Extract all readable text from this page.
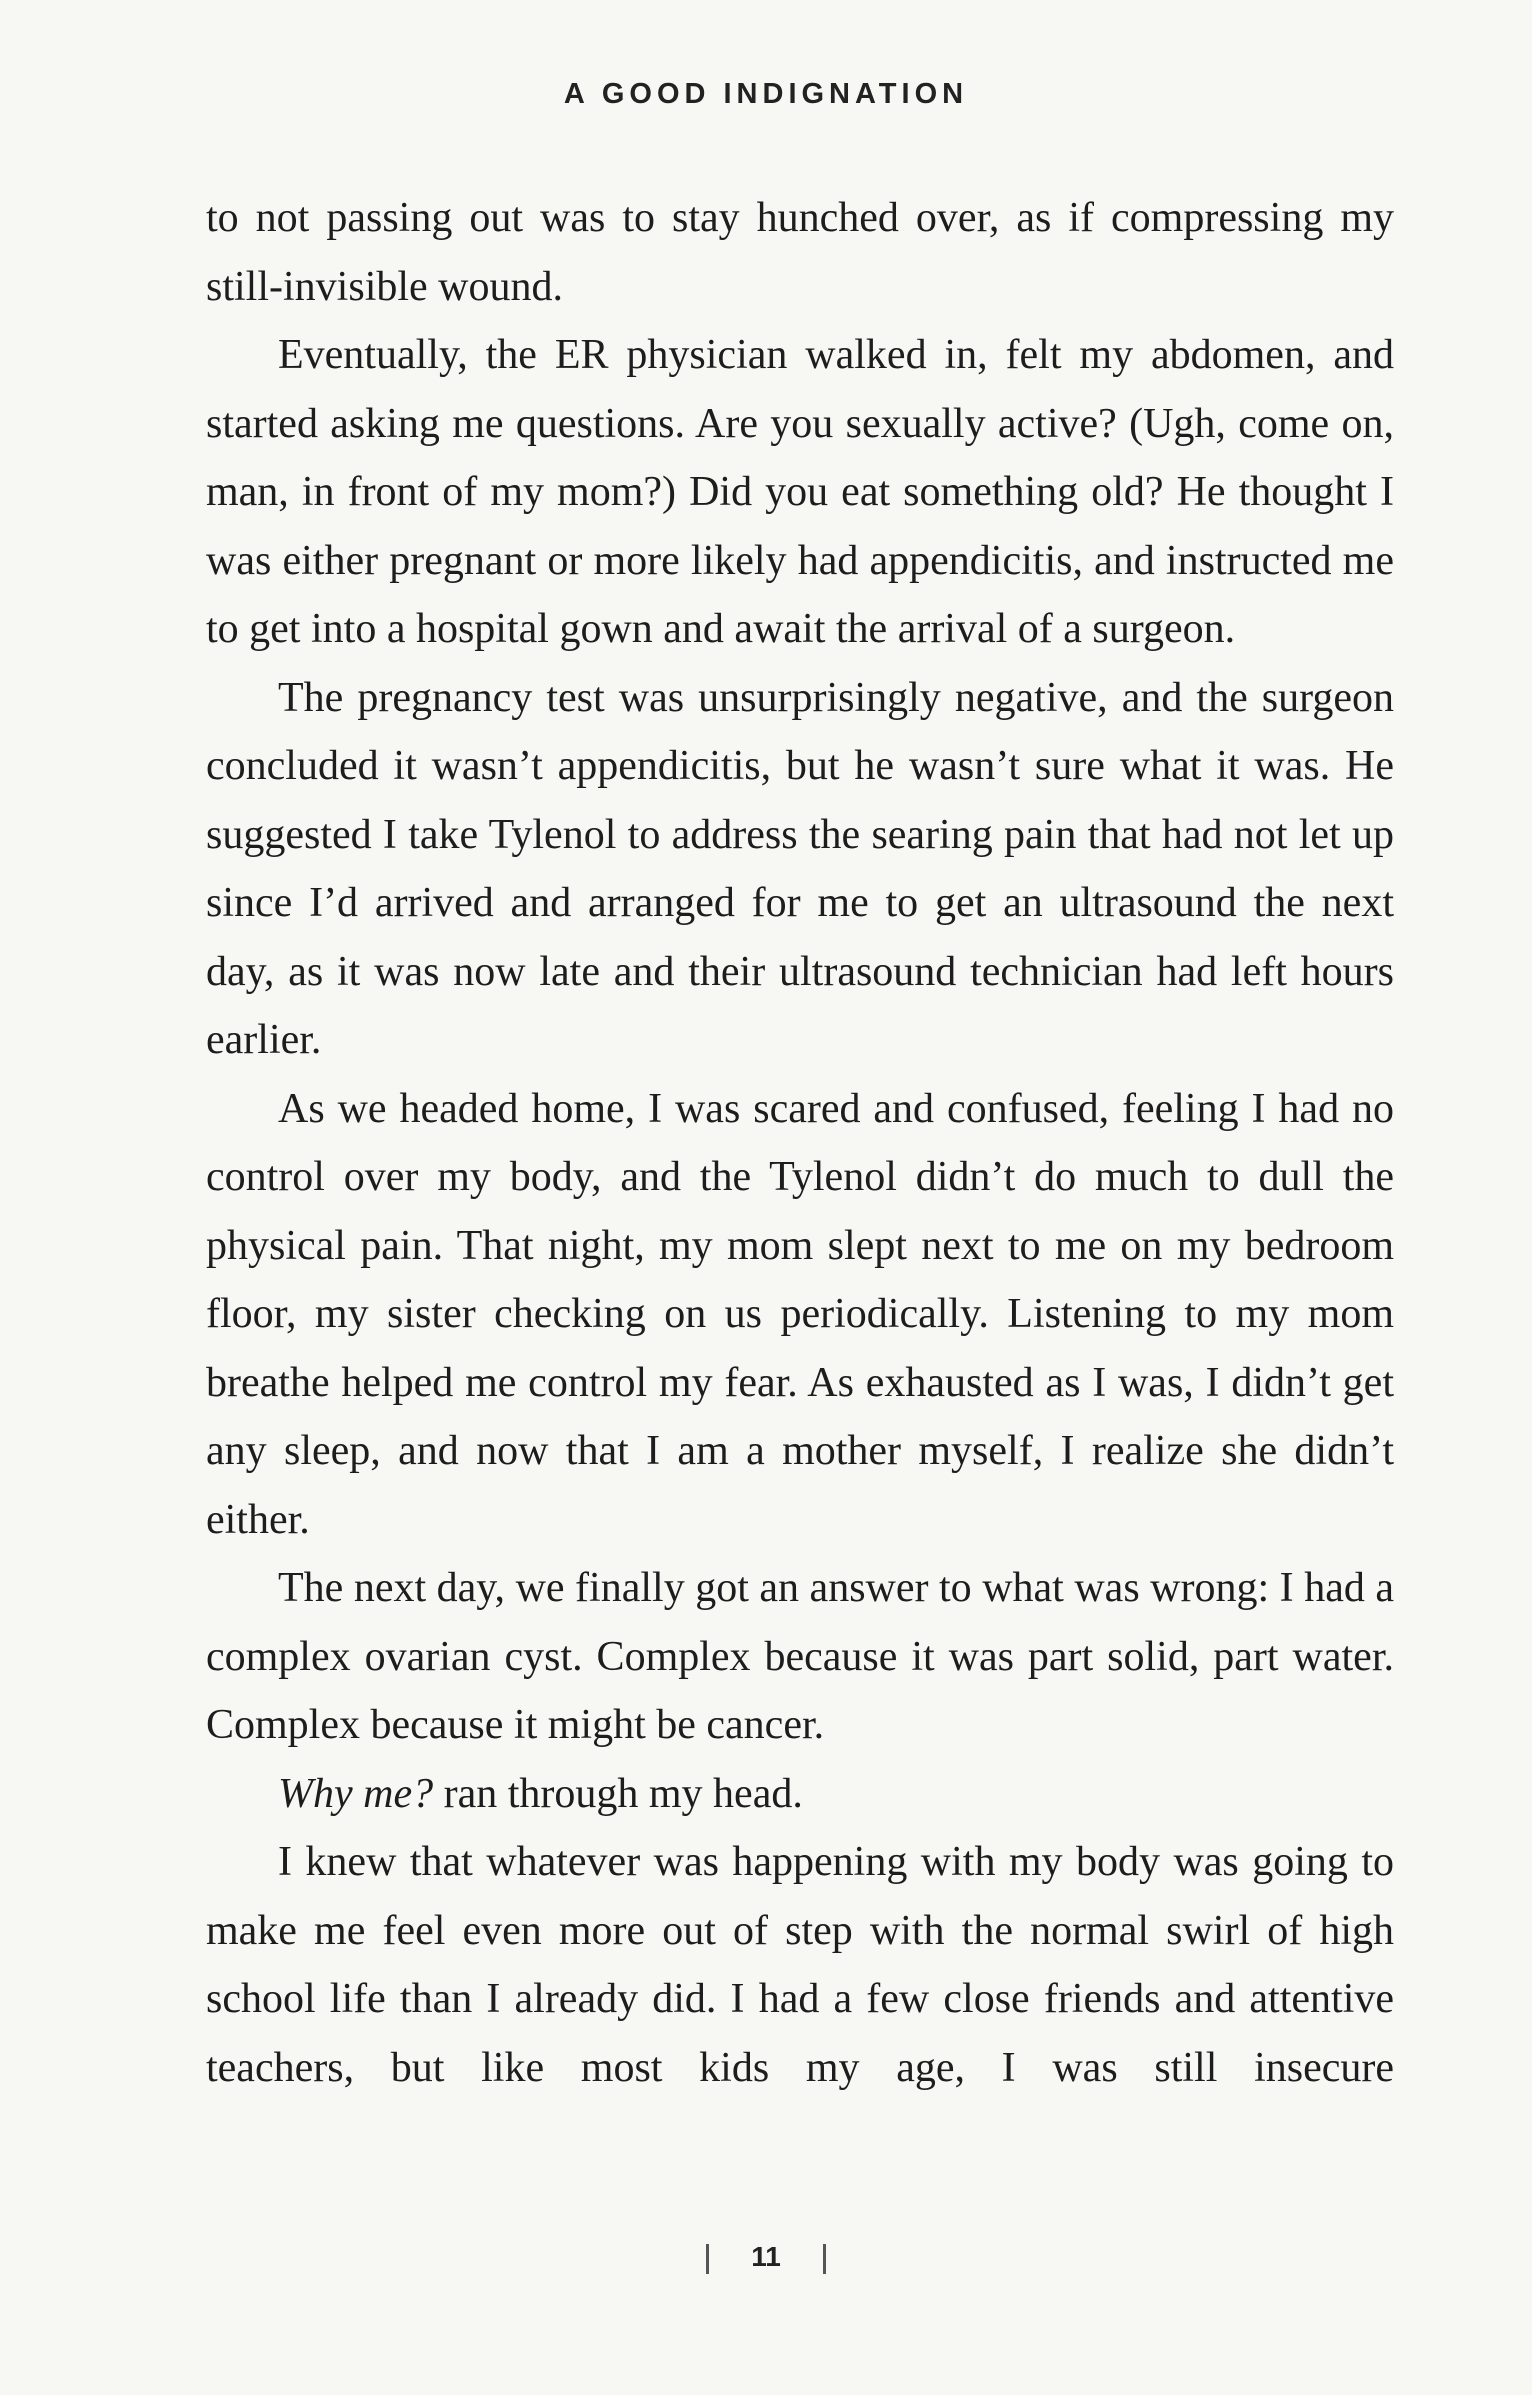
A GOOD INDIGNATION

to not passing out was to stay hunched over, as if compressing my still-invisible wound.

Eventually, the ER physician walked in, felt my abdomen, and started asking me questions. Are you sexually active? (Ugh, come on, man, in front of my mom?) Did you eat something old? He thought I was either pregnant or more likely had appendicitis, and instructed me to get into a hospital gown and await the arrival of a surgeon.

The pregnancy test was unsurprisingly negative, and the surgeon concluded it wasn’t appendicitis, but he wasn’t sure what it was. He suggested I take Tylenol to address the searing pain that had not let up since I’d arrived and arranged for me to get an ultrasound the next day, as it was now late and their ultrasound technician had left hours earlier.

As we headed home, I was scared and confused, feeling I had no control over my body, and the Tylenol didn’t do much to dull the physical pain. That night, my mom slept next to me on my bedroom floor, my sister checking on us periodically. Listening to my mom breathe helped me control my fear. As exhausted as I was, I didn’t get any sleep, and now that I am a mother myself, I realize she didn’t either.

The next day, we finally got an answer to what was wrong: I had a complex ovarian cyst. Complex because it was part solid, part water. Complex because it might be cancer.

Why me? ran through my head.

I knew that whatever was happening with my body was going to make me feel even more out of step with the normal swirl of high school life than I already did. I had a few close friends and attentive teachers, but like most kids my age, I was still insecure

11
